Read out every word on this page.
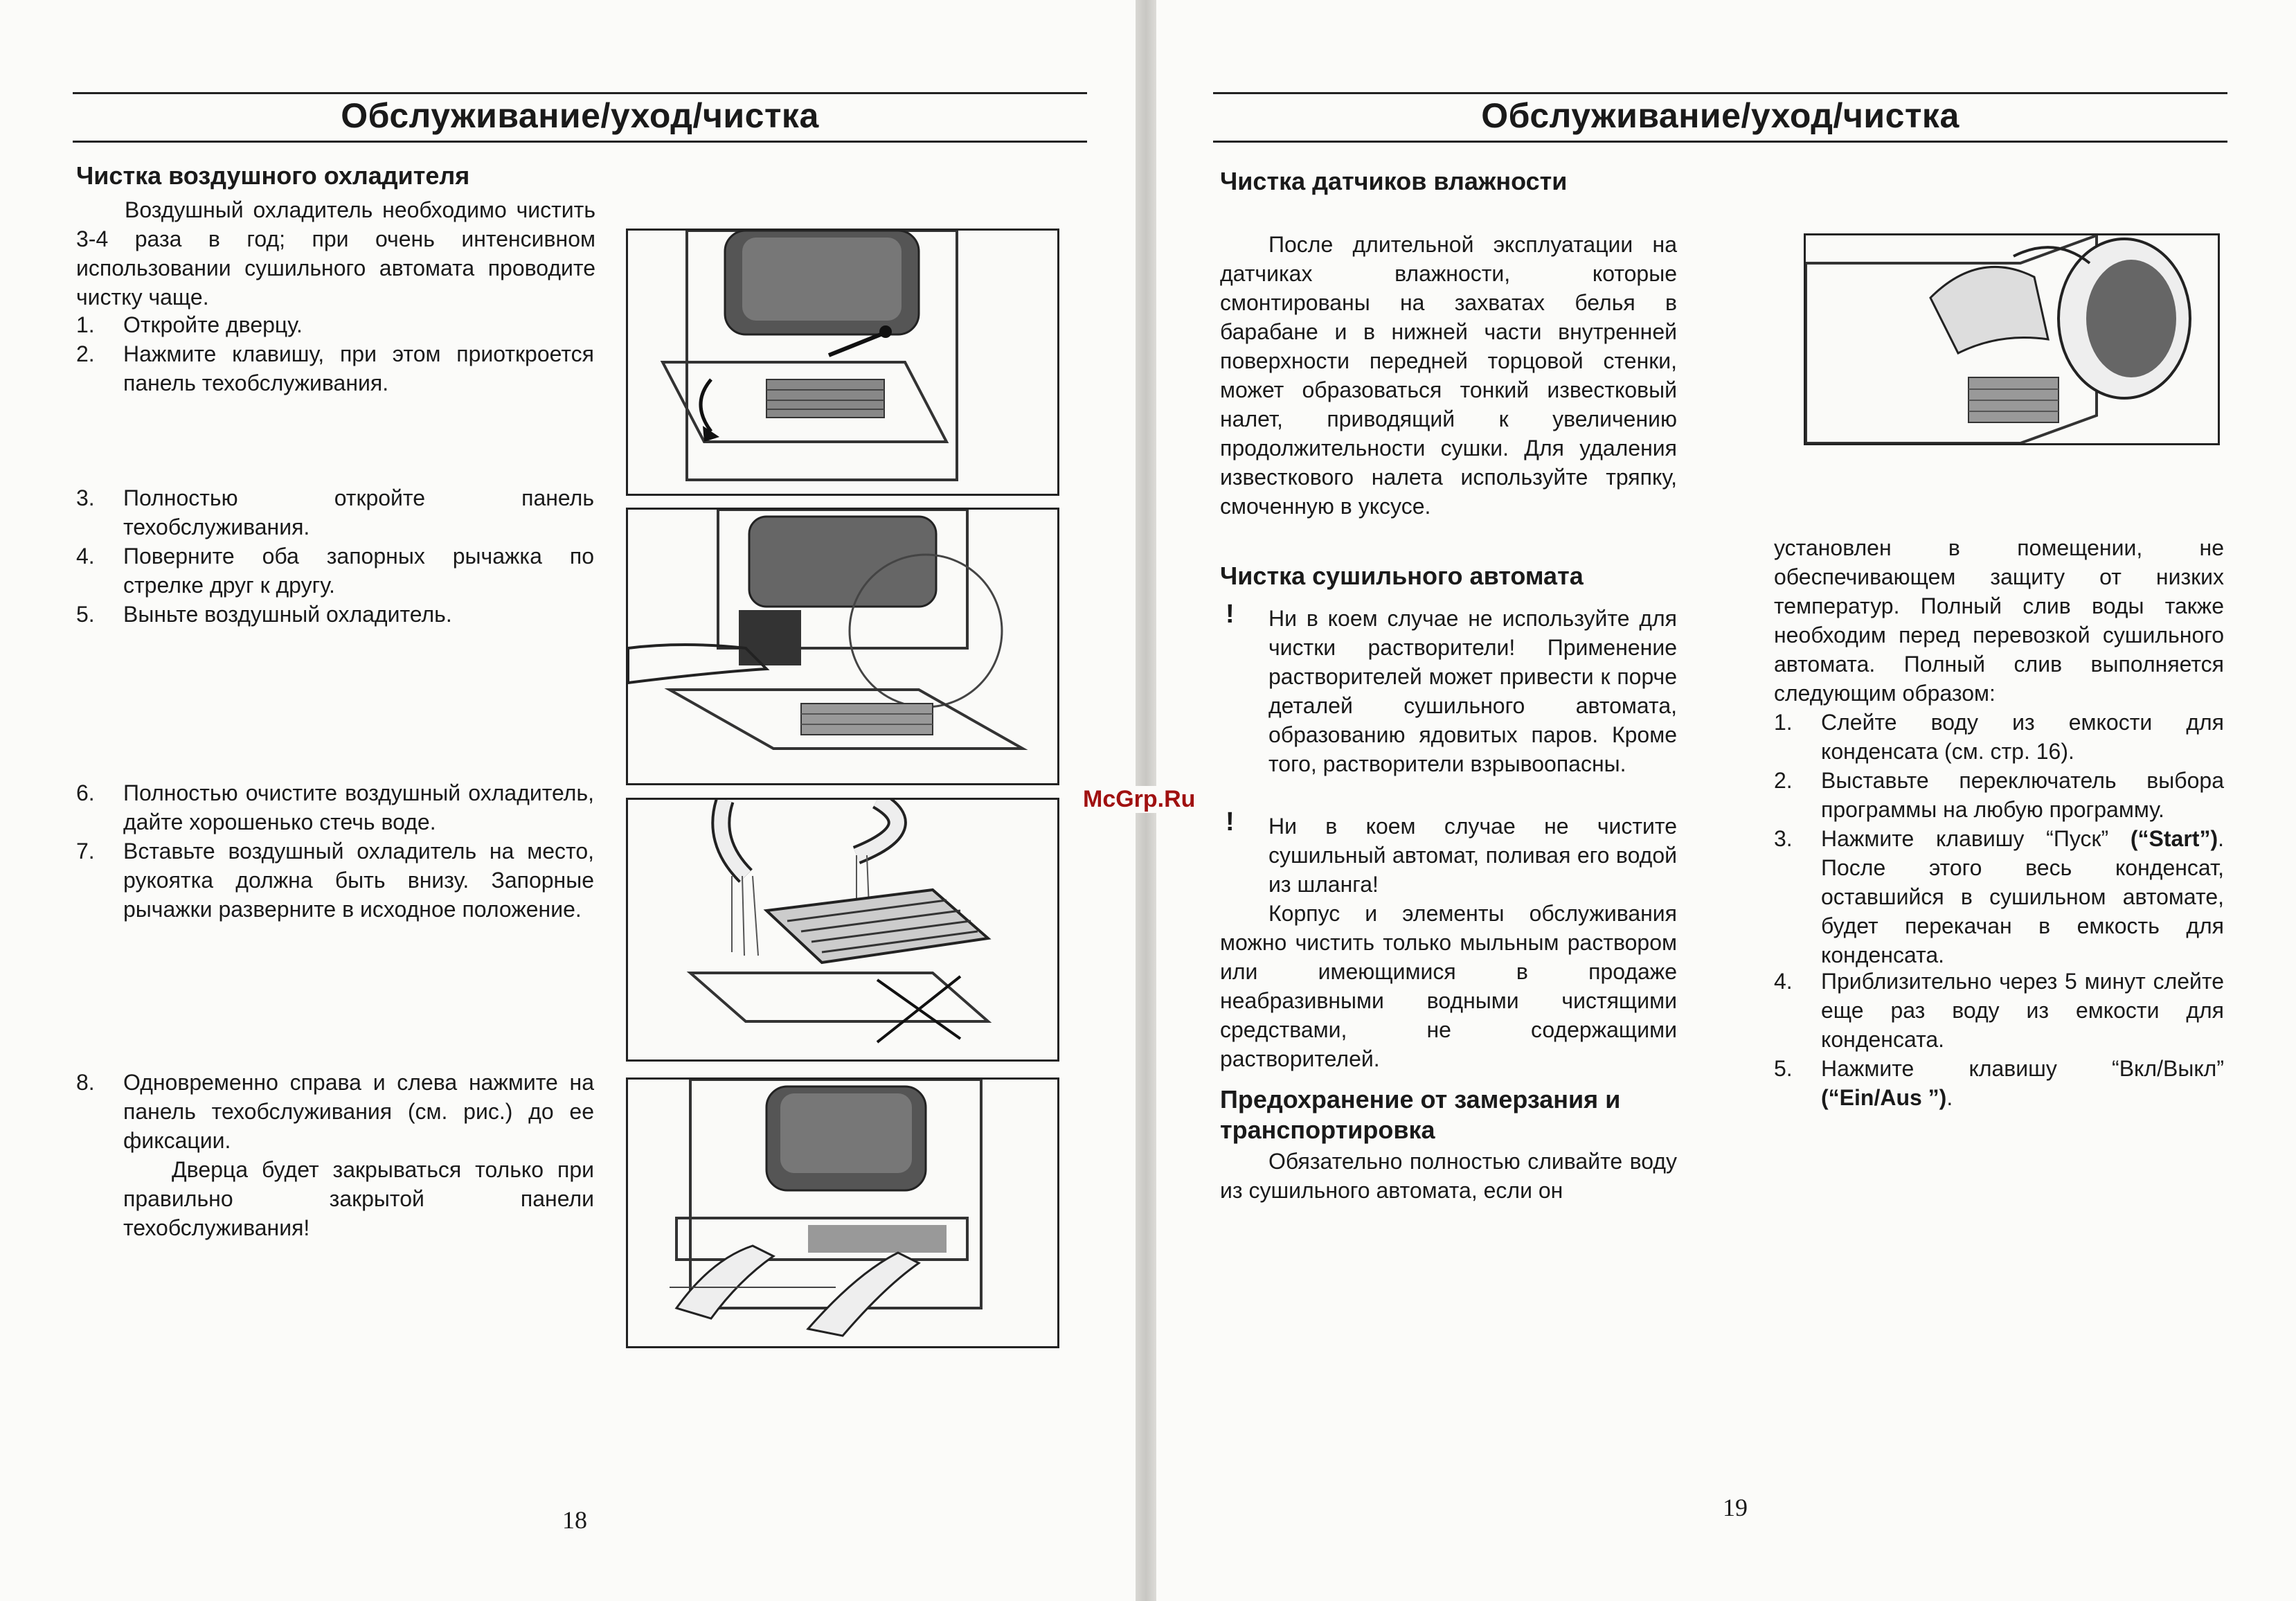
Обслуживание/уход/чистка
Чистка воздушного охладителя
Воздушный охладитель необходимо чистить 3-4 раза в год; при очень интенсивном использовании сушильного автомата проводите чистку чаще.
1. Откройте дверцу.
2. Нажмите клавишу, при этом приоткроется панель техобслуживания.
3. Полностью откройте панель техобслуживания.
4. Поверните оба запорных рычажка по стрелке друг к другу.
5. Выньте воздушный охладитель.
6. Полностью очистите воздушный охладитель, дайте хорошенько стечь воде.
7. Вставьте воздушный охладитель на место, рукоятка должна быть внизу. Запорные рычажки разверните в исходное положение.
8. Одновременно справа и слева нажмите на панель техобслуживания (см. рис.) до ее фиксации.
Дверца будет закрываться только при правильно закрытой панели техобслуживания!
18
Обслуживание/уход/чистка
Чистка датчиков влажности
После длительной эксплуатации на датчиках влажности, которые смонтированы на захватах белья в барабане и в нижней части внутренней поверхности передней торцовой стенки, может образоваться тонкий известковый налет, приводящий к увеличению продолжительности сушки. Для удаления известкового налета используйте тряпку, смоченную в уксусе.
Чистка сушильного автомата
! Ни в коем случае не используйте для чистки растворители! Применение растворителей может привести к порче деталей сушильного автомата, образованию ядовитых паров. Кроме того, растворители взрывоопасны.
! Ни в коем случае не чистите сушильный автомат, поливая его водой из шланга!
Корпус и элементы обслуживания можно чистить только мыльным раствором или имеющимися в продаже неабразивными водными чистящими средствами, не содержащими растворителей.
Предохранение от замерзания и транспортировка
Обязательно полностью сливайте воду из сушильного автомата, если он
установлен в помещении, не обеспечивающем защиту от низких температур. Полный слив воды также необходим перед перевозкой сушильного автомата. Полный слив выполняется следующим образом:
1. Слейте воду из емкости для конденсата (см. стр. 16).
2. Выставьте переключатель выбора программы на любую программу.
3. Нажмите клавишу “Пуск” (“Start”). После этого весь конденсат, оставшийся в сушильном автомате, будет перекачан в емкость для конденсата.
4. Приблизительно через 5 минут слейте еще раз воду из емкости для конденсата.
5. Нажмите клавишу “Вкл/Выкл” (“Ein/Aus ”).
19
McGrp.Ru
